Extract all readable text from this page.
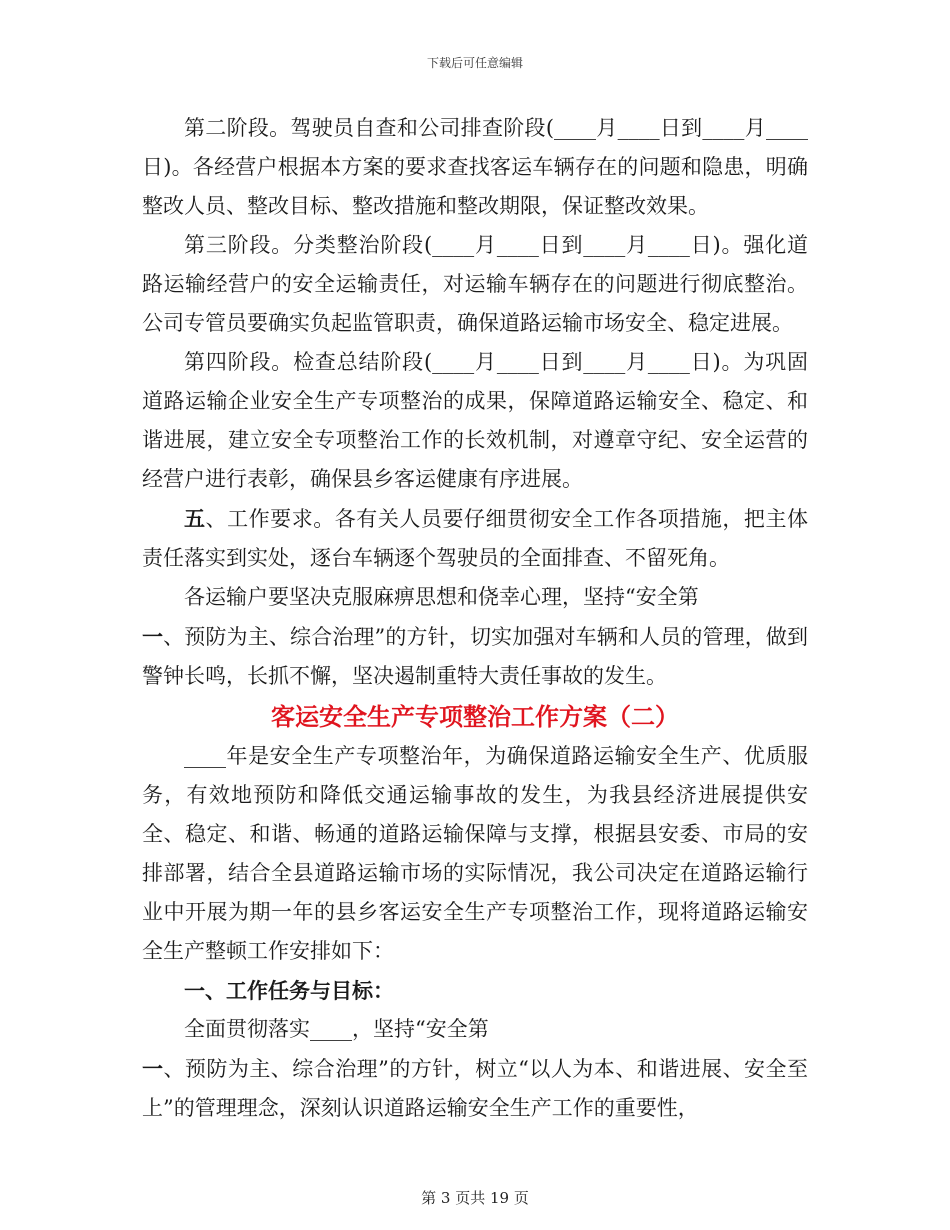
下载后可任意编辑

第二阶段。驾驶员自查和公司排查阶段(____月____日到____月____日)。各经营户根据本方案的要求查找客运车辆存在的问题和隐患，明确整改人员、整改目标、整改措施和整改期限，保证整改效果。

第三阶段。分类整治阶段(____月____日到____月____日)。强化道路运输经营户的安全运输责任，对运输车辆存在的问题进行彻底整治。公司专管员要确实负起监管职责，确保道路运输市场安全、稳定进展。

第四阶段。检查总结阶段(____月____日到____月____日)。为巩固道路运输企业安全生产专项整治的成果，保障道路运输安全、稳定、和谐进展，建立安全专项整治工作的长效机制，对遵章守纪、安全运营的经营户进行表彰，确保县乡客运健康有序进展。

五、工作要求。各有关人员要仔细贯彻安全工作各项措施，把主体责任落实到实处，逐台车辆逐个驾驶员的全面排查、不留死角。

各运输户要坚决克服麻痹思想和侥幸心理，坚持“安全第

一、预防为主、综合治理”的方针，切实加强对车辆和人员的管理，做到警钟长鸣，长抓不懈，坚决遏制重特大责任事故的发生。

客运安全生产专项整治工作方案（二）

____年是安全生产专项整治年，为确保道路运输安全生产、优质服务，有效地预防和降低交通运输事故的发生，为我县经济进展提供安全、稳定、和谐、畅通的道路运输保障与支撑，根据县安委、市局的安排部署，结合全县道路运输市场的实际情况，我公司决定在道路运输行业中开展为期一年的县乡客运安全生产专项整治工作，现将道路运输安全生产整顿工作安排如下：

一、工作任务与目标：

全面贯彻落实____，坚持“安全第

一、预防为主、综合治理”的方针，树立“以人为本、和谐进展、安全至上”的管理理念，深刻认识道路运输安全生产工作的重要性，

第 3 页共 19 页
